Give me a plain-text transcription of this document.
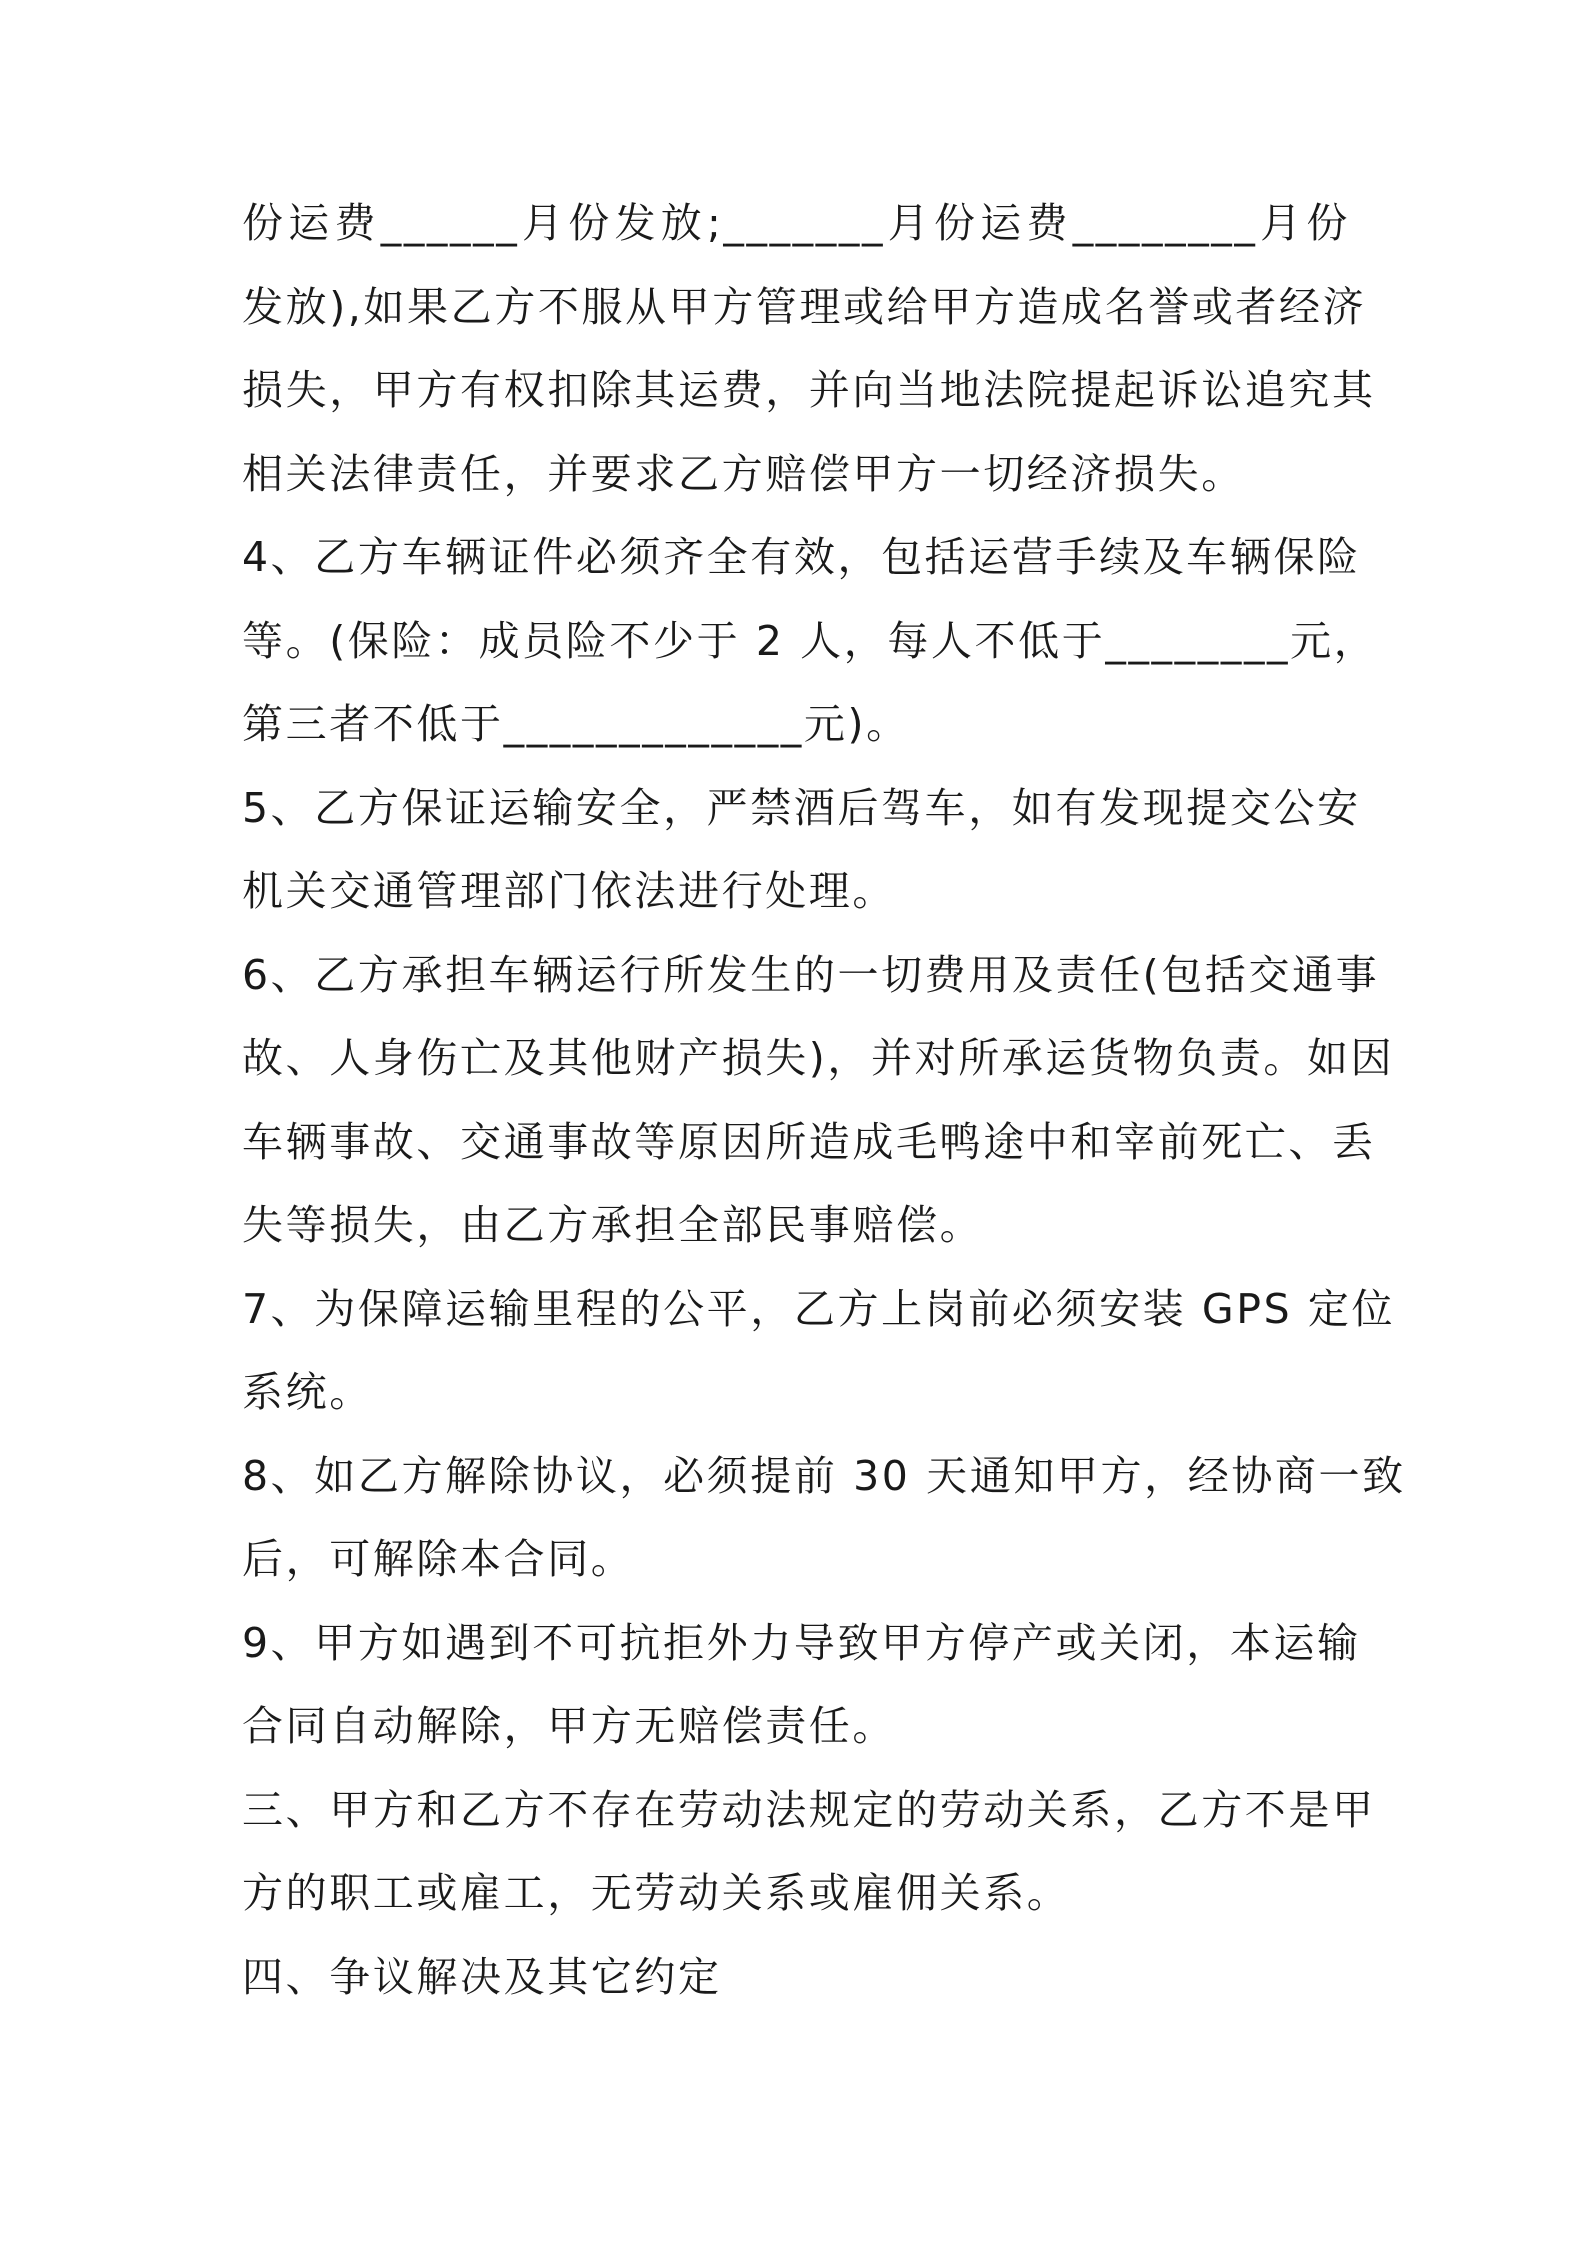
份运费______月份发放;_______月份运费________月份
发放),如果乙方不服从甲方管理或给甲方造成名誉或者经济
损失，甲方有权扣除其运费，并向当地法院提起诉讼追究其
相关法律责任，并要求乙方赔偿甲方一切经济损失。
4、乙方车辆证件必须齐全有效，包括运营手续及车辆保险
等。(保险：成员险不少于 2 人，每人不低于________元，
第三者不低于_____________元)。
5、乙方保证运输安全，严禁酒后驾车，如有发现提交公安
机关交通管理部门依法进行处理。
6、乙方承担车辆运行所发生的一切费用及责任(包括交通事
故、人身伤亡及其他财产损失)，并对所承运货物负责。如因
车辆事故、交通事故等原因所造成毛鸭途中和宰前死亡、丢
失等损失，由乙方承担全部民事赔偿。
7、为保障运输里程的公平，乙方上岗前必须安装 GPS 定位
系统。
8、如乙方解除协议，必须提前 30 天通知甲方，经协商一致
后，可解除本合同。
9、甲方如遇到不可抗拒外力导致甲方停产或关闭，本运输
合同自动解除，甲方无赔偿责任。
三、甲方和乙方不存在劳动法规定的劳动关系，乙方不是甲
方的职工或雇工，无劳动关系或雇佣关系。
四、争议解决及其它约定
